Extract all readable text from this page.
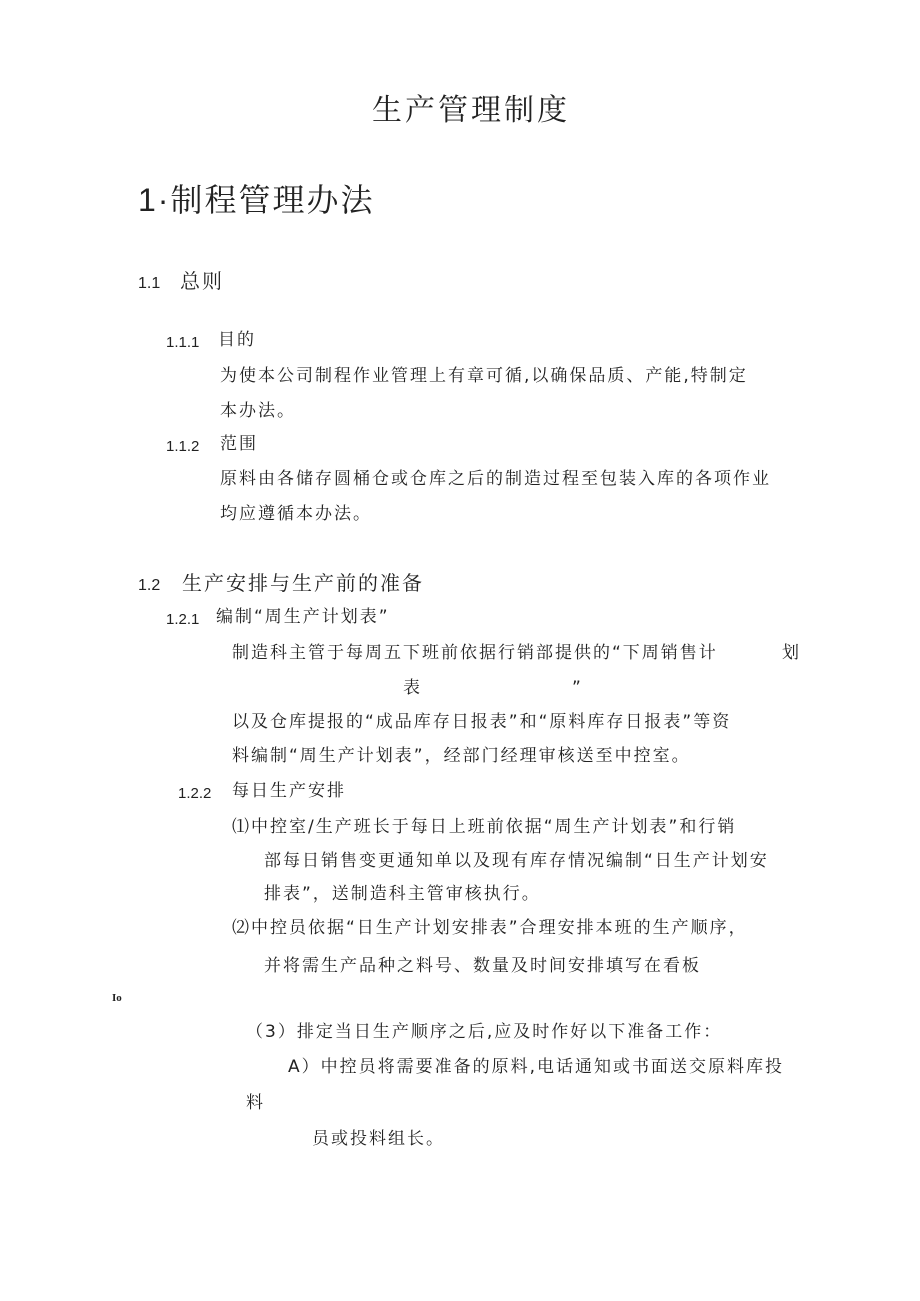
生产管理制度
1·制程管理办法
1.1 总则
1.1.1 目的
为使本公司制程作业管理上有章可循,以确保品质、产能,特制定
本办法。
1.1.2 范围
原料由各储存圆桶仓或仓库之后的制造过程至包装入库的各项作业
均应遵循本办法。
1.2 生产安排与生产前的准备
1.2.1 编制“周生产计划表”
制造科主管于每周五下班前依据行销部提供的“下周销售计	划
表	”
以及仓库提报的“成品库存日报表”和“原料库存日报表”等资
料编制“周生产计划表”，经部门经理审核送至中控室。
1.2.2 每日生产安排
⑴中控室/生产班长于每日上班前依据“周生产计划表”和行销
部每日销售变更通知单以及现有库存情况编制“日生产计划安
排表”，送制造科主管审核执行。
⑵中控员依据“日生产计划安排表”合理安排本班的生产顺序，
并将需生产品种之料号、数量及时间安排填写在看板
Io
（3）排定当日生产顺序之后,应及时作好以下准备工作：
A）中控员将需要准备的原料,电话通知或书面送交原料库投
料
员或投料组长。
